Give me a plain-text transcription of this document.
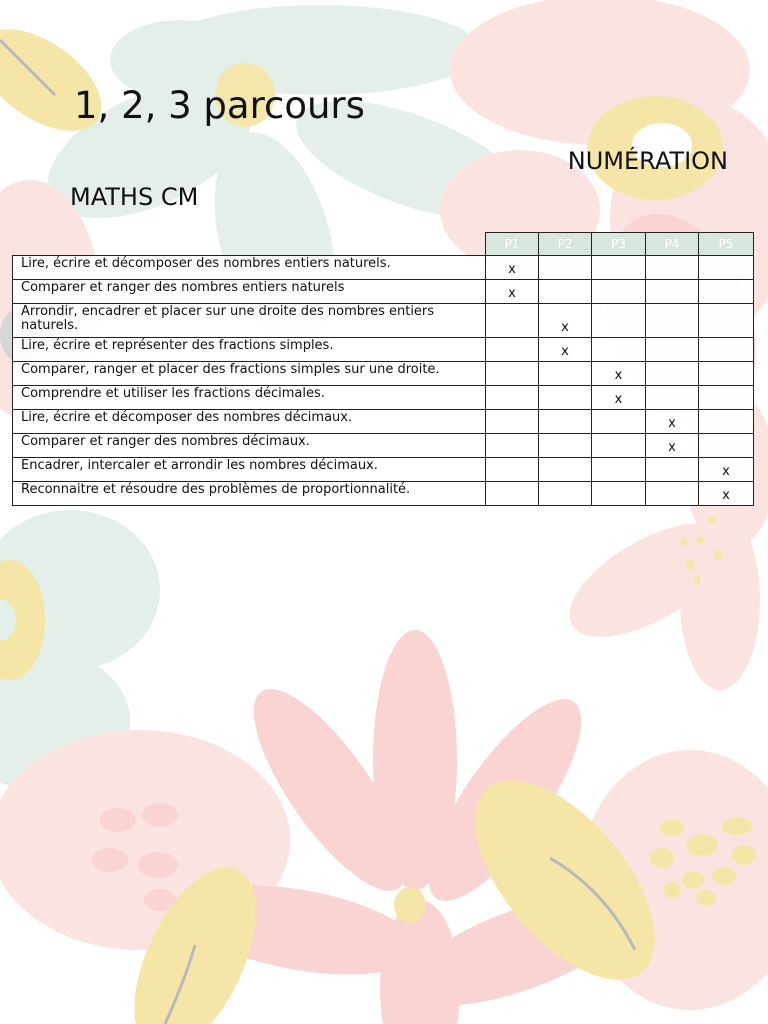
1, 2, 3 parcours
NUMÉRATION
MATHS CM
	P1	P2	P3	P4	P5
Lire, écrire et décomposer des nombres entiers naturels.	x				
Comparer et ranger des nombres entiers naturels	x				
Arrondir, encadrer et placer sur une droite des nombres entiers naturels.		x			
Lire, écrire et représenter des fractions simples.		x			
Comparer, ranger et placer des fractions simples sur une droite.			x		
Comprendre et utiliser les fractions décimales.			x		
Lire, écrire et décomposer des nombres décimaux.				x	
Comparer et ranger des nombres décimaux.				x	
Encadrer, intercaler et arrondir les nombres décimaux.					x
Reconnaitre et résoudre des problèmes de proportionnalité.					x
